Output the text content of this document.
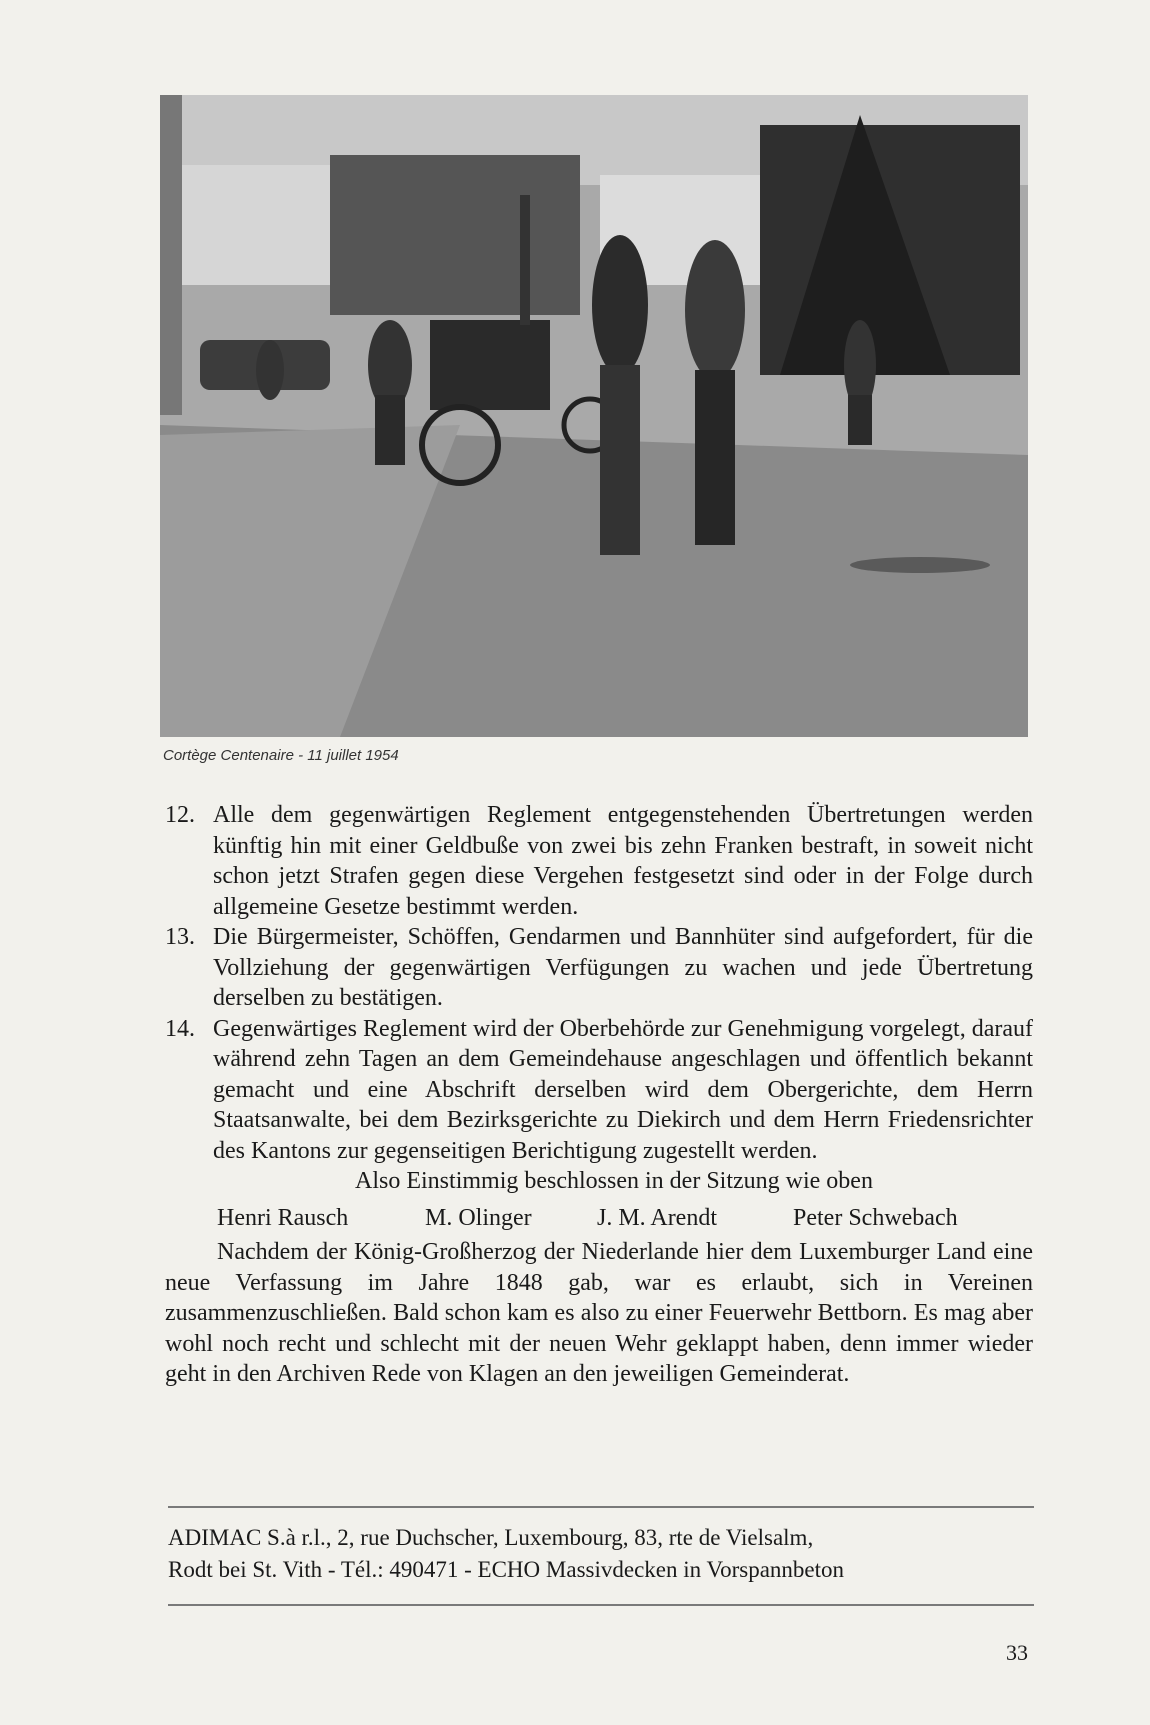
Cortège Centenaire - 11 juillet 1954
12. Alle dem gegenwärtigen Reglement entgegenstehenden Übertretungen werden künftig hin mit einer Geldbuße von zwei bis zehn Franken bestraft, in soweit nicht schon jetzt Strafen gegen diese Vergehen festgesetzt sind oder in der Folge durch allgemeine Gesetze bestimmt werden.
13. Die Bürgermeister, Schöffen, Gendarmen und Bannhüter sind aufgefordert, für die Vollziehung der gegenwärtigen Verfügungen zu wachen und jede Übertretung derselben zu bestätigen.
14. Gegenwärtiges Reglement wird der Oberbehörde zur Genehmigung vorgelegt, darauf während zehn Tagen an dem Gemeindehause angeschlagen und öffentlich bekannt gemacht und eine Abschrift derselben wird dem Obergerichte, dem Herrn Staatsanwalte, bei dem Bezirksgerichte zu Diekirch und dem Herrn Friedensrichter des Kantons zur gegenseitigen Berichtigung zugestellt werden.
Also Einstimmig beschlossen in der Sitzung wie oben
Henri Rausch	M. Olinger	J. M. Arendt	Peter Schwebach
Nachdem der König-Großherzog der Niederlande hier dem Luxemburger Land eine neue Verfassung im Jahre 1848 gab, war es erlaubt, sich in Vereinen zusammenzuschließen. Bald schon kam es also zu einer Feuerwehr Bettborn. Es mag aber wohl noch recht und schlecht mit der neuen Wehr geklappt haben, denn immer wieder geht in den Archiven Rede von Klagen an den jeweiligen Gemeinderat.
ADIMAC S.à r.l., 2, rue Duchscher, Luxembourg, 83, rte de Vielsalm,
Rodt bei St. Vith - Tél.: 490471 - ECHO Massivdecken in Vorspannbeton
33
